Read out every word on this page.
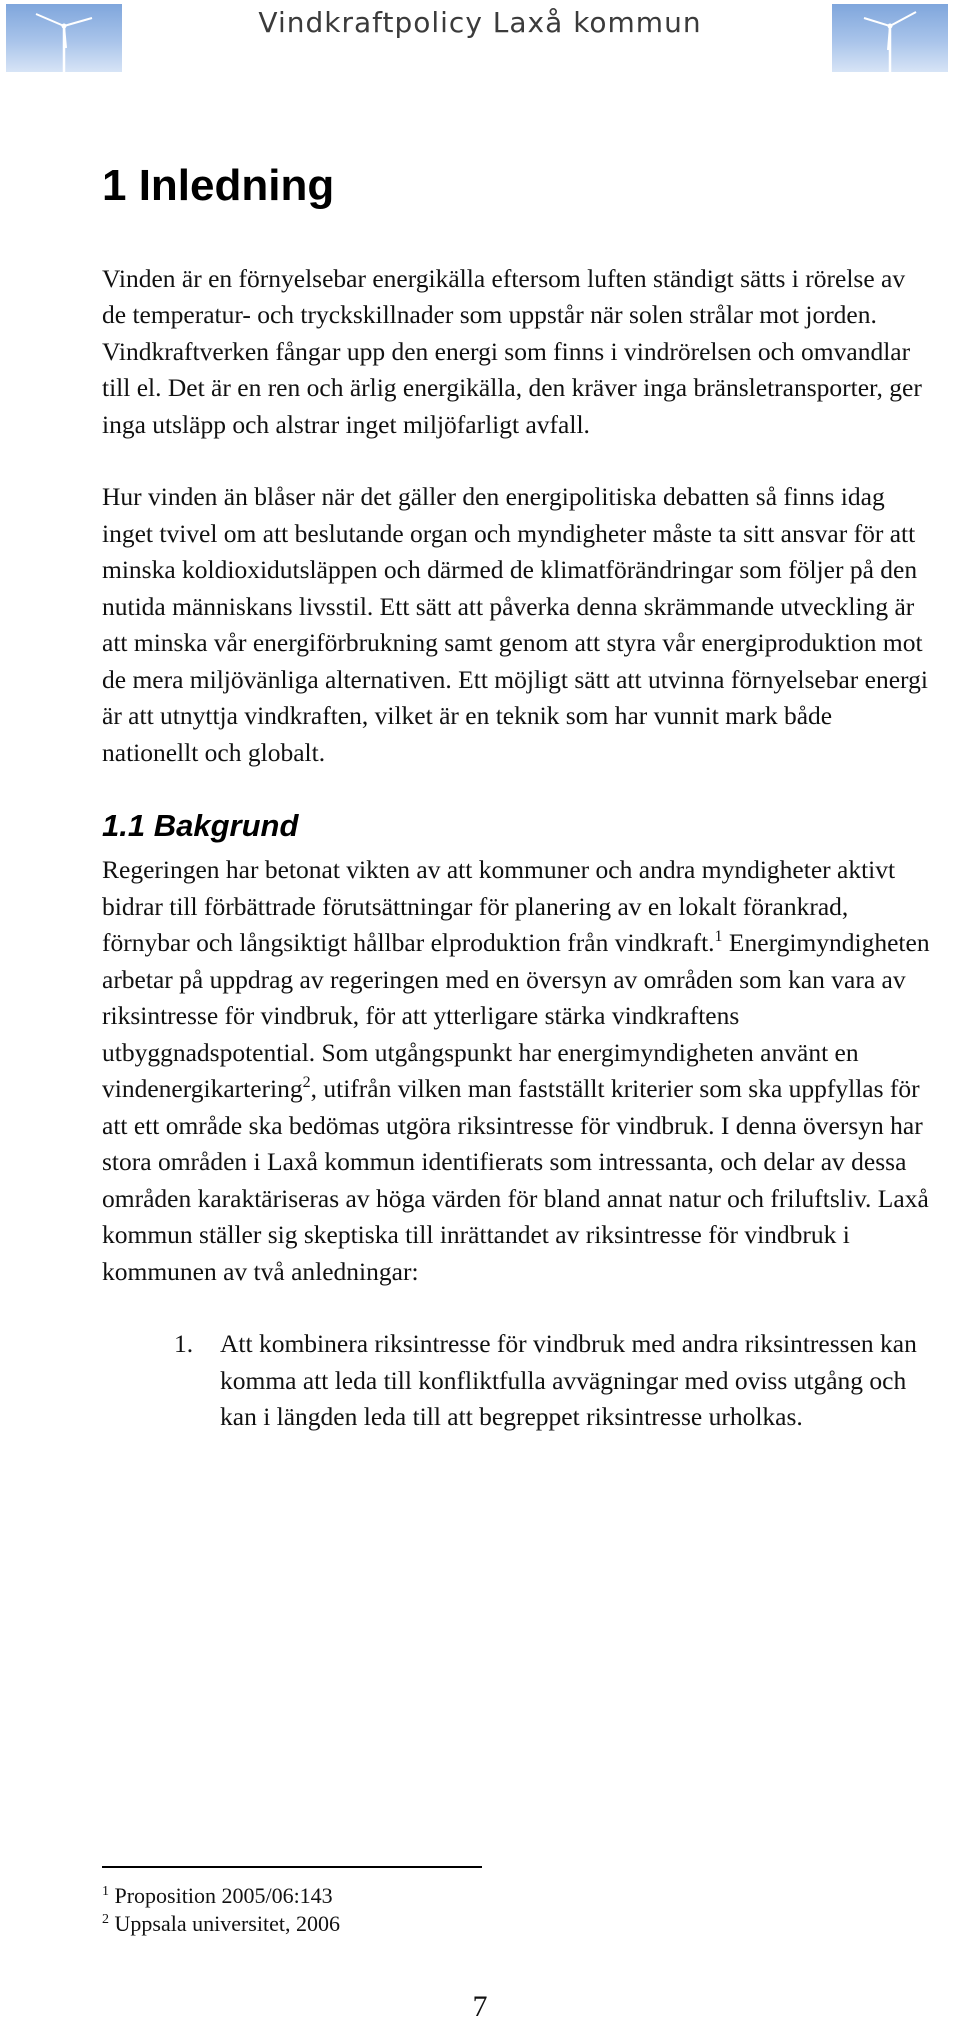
Vindkraftpolicy Laxå kommun
1 Inledning

Vinden är en förnyelsebar energikälla eftersom luften ständigt sätts i rörelse av de temperatur- och tryckskillnader som uppstår när solen strålar mot jorden. Vindkraftverken fångar upp den energi som finns i vindrörelsen och omvandlar till el. Det är en ren och ärlig energikälla, den kräver inga bränsletransporter, ger inga utsläpp och alstrar inget miljöfarligt avfall.

Hur vinden än blåser när det gäller den energipolitiska debatten så finns idag inget tvivel om att beslutande organ och myndigheter måste ta sitt ansvar för att minska koldioxidutsläppen och därmed de klimatförändringar som följer på den nutida människans livsstil. Ett sätt att påverka denna skrämmande utveckling är att minska vår energiförbrukning samt genom att styra vår energiproduktion mot de mera miljövänliga alternativen. Ett möjligt sätt att utvinna förnyelsebar energi är att utnyttja vindkraften, vilket är en teknik som har vunnit mark både nationellt och globalt.

1.1 Bakgrund

Regeringen har betonat vikten av att kommuner och andra myndigheter aktivt bidrar till förbättrade förutsättningar för planering av en lokalt förankrad, förnybar och långsiktigt hållbar elproduktion från vindkraft.$^1$ Energimyndigheten arbetar på uppdrag av regeringen med en översyn av områden som kan vara av riksintresse för vindbruk, för att ytterligare stärka vindkraftens utbyggnadspotential. Som utgångspunkt har energimyndigheten använt en vindenergikartering$^2$, utifrån vilken man fastställt kriterier som ska uppfyllas för att ett område ska bedömas utgöra riksintresse för vindbruk. I denna översyn har stora områden i Laxå kommun identifierats som intressanta, och delar av dessa områden karaktäriseras av höga värden för bland annat natur och friluftsliv. Laxå kommun ställer sig skeptiska till inrättandet av riksintresse för vindbruk i kommunen av två anledningar:

1. Att kombinera riksintresse för vindbruk med andra riksintressen kan komma att leda till konfliktfulla avvägningar med oviss utgång och kan i längden leda till att begreppet riksintresse urholkas.
$^1$ Proposition 2005/06:143
$^2$ Uppsala universitet, 2006
7
